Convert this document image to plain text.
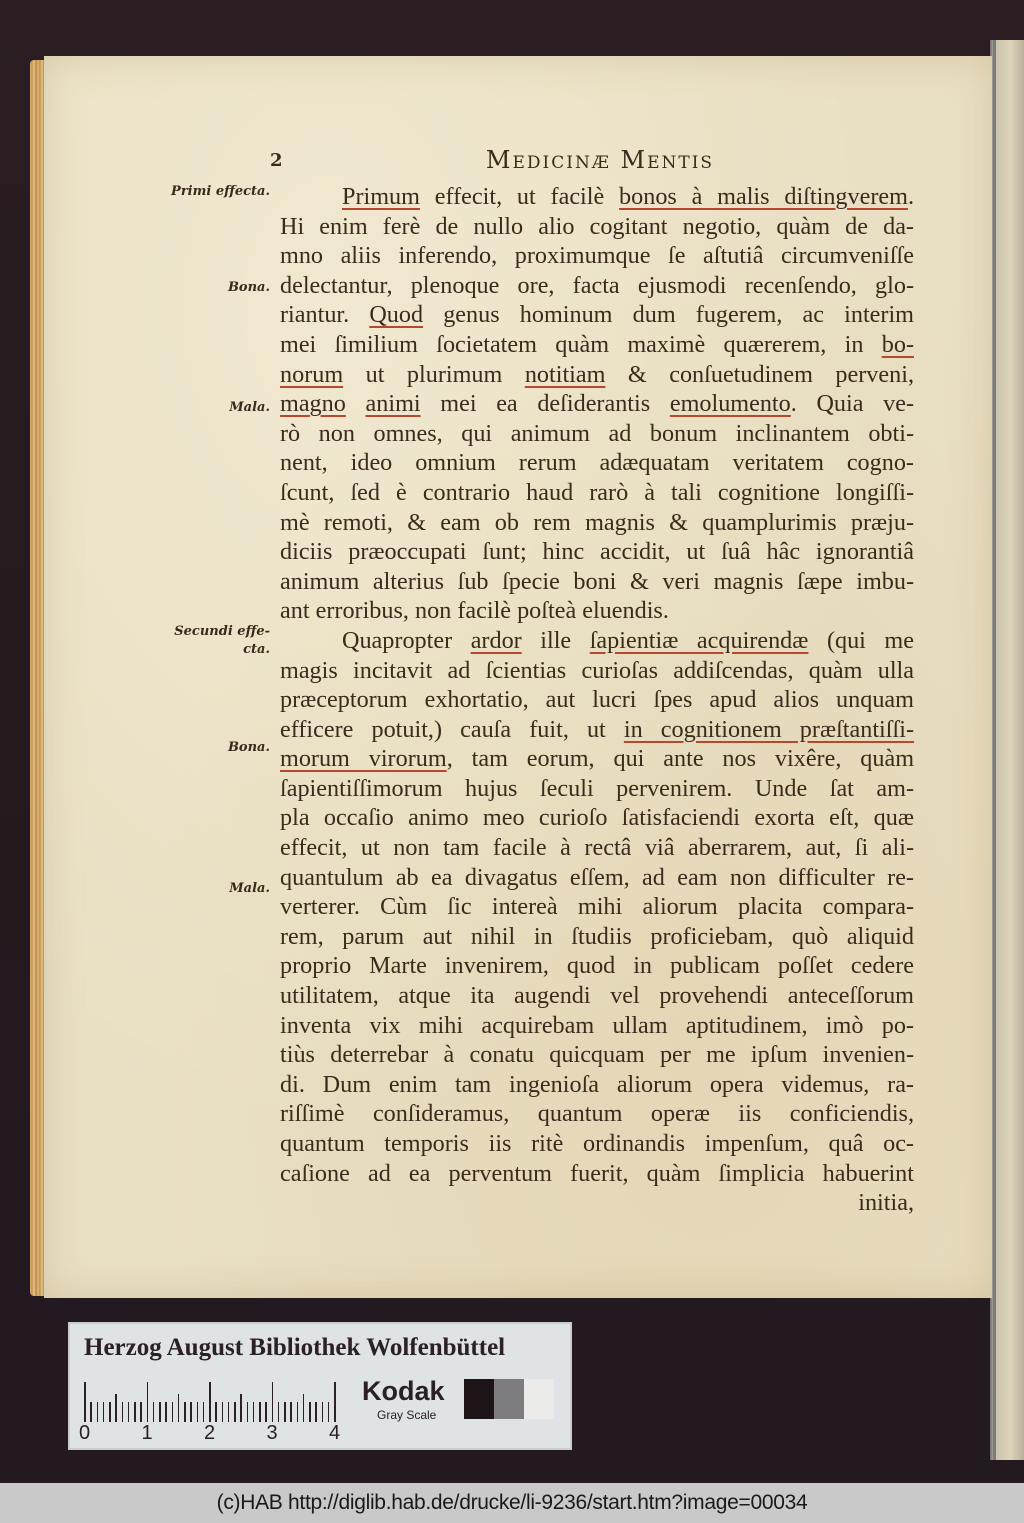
2	Medicinæ Mentis
Primi effecta.
Bona.
Mala.
Secundi effe-
cta.
Bona.
Mala.
Primum effecit, ut facilè bonos à malis diſtingverem.
Hi enim ferè de nullo alio cogitant negotio, quàm de da-
mno aliis inferendo, proximumque ſe aſtutiâ circumveniſſe
delectantur, plenoque ore, facta ejusmodi recenſendo, glo-
riantur. Quod genus hominum dum fugerem, ac interim
mei ſimilium ſocietatem quàm maximè quærerem, in bo-
norum ut plurimum notitiam & conſuetudinem perveni,
magno animi mei ea deſiderantis emolumento. Quia ve-
rò non omnes, qui animum ad bonum inclinantem obti-
nent, ideo omnium rerum adæquatam veritatem cogno-
ſcunt, ſed è contrario haud rarò à tali cognitione longiſſi-
mè remoti, & eam ob rem magnis & quamplurimis præju-
diciis præoccupati ſunt; hinc accidit, ut ſuâ hâc ignorantiâ
animum alterius ſub ſpecie boni & veri magnis ſæpe imbu-
ant erroribus, non facilè poſteà eluendis.
Quapropter ardor ille ſapientiæ acquirendæ (qui me
magis incitavit ad ſcientias curioſas addiſcendas, quàm ulla
præceptorum exhortatio, aut lucri ſpes apud alios unquam
efficere potuit,) cauſa fuit, ut in cognitionem præſtantiſſi-
morum virorum, tam eorum, qui ante nos vixêre, quàm
ſapientiſſimorum hujus ſeculi pervenirem. Unde ſat am-
pla occaſio animo meo curioſo ſatisfaciendi exorta eſt, quæ
effecit, ut non tam facile à rectâ viâ aberrarem, aut, ſi ali-
quantulum ab ea divagatus eſſem, ad eam non difficulter re-
verterer. Cùm ſic intereà mihi aliorum placita compara-
rem, parum aut nihil in ſtudiis proficiebam, quò aliquid
proprio Marte invenirem, quod in publicam poſſet cedere
utilitatem, atque ita augendi vel provehendi anteceſſorum
inventa vix mihi acquirebam ullam aptitudinem, imò po-
tiùs deterrebar à conatu quicquam per me ipſum invenien-
di. Dum enim tam ingenioſa aliorum opera videmus, ra-
riſſimè conſideramus, quantum operæ iis conficiendis,
quantum temporis iis ritè ordinandis impenſum, quâ oc-
caſione ad ea perventum fuerit, quàm ſimplicia habuerint
initia,
Herzog August Bibliothek Wolfenbüttel
0	1	2	3	4
Kodak
Gray Scale
(c)HAB http://diglib.hab.de/drucke/li-9236/start.htm?image=00034
